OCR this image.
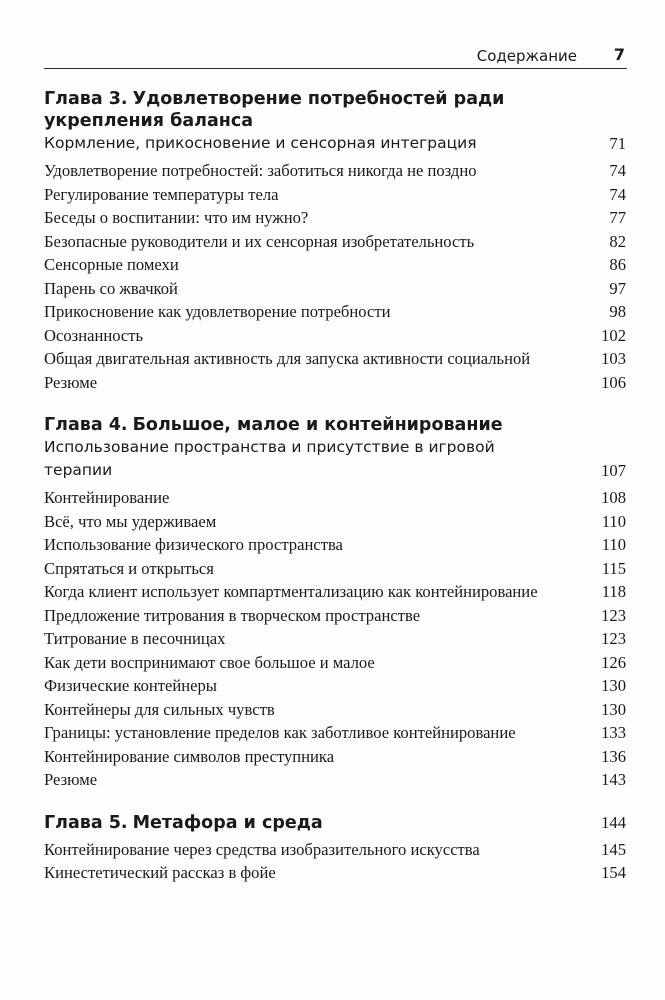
Содержание 7
Глава 3. Удовлетворение потребностей ради укрепления баланса
Кормление, прикосновение и сенсорная интеграция	71
Удовлетворение потребностей: заботиться никогда не поздно	74
Регулирование температуры тела	74
Беседы о воспитании: что им нужно?	77
Безопасные руководители и их сенсорная изобретательность	82
Сенсорные помехи	86
Парень со жвачкой	97
Прикосновение как удовлетворение потребности	98
Осознанность	102
Общая двигательная активность для запуска активности социальной	103
Резюме	106
Глава 4. Большое, малое и контейнирование
Использование пространства и присутствие в игровой терапии	107
Контейнирование	108
Всё, что мы удерживаем	110
Использование физического пространства	110
Спрятаться и открыться	115
Когда клиент использует компартментализацию как контейнирование	118
Предложение титрования в творческом пространстве	123
Титрование в песочницах	123
Как дети воспринимают свое большое и малое	126
Физические контейнеры	130
Контейнеры для сильных чувств	130
Границы: установление пределов как заботливое контейнирование	133
Контейнирование символов преступника	136
Резюме	143
Глава 5. Метафора и среда	144
Контейнирование через средства изобразительного искусства	145
Кинестетический рассказ в фойе	154
